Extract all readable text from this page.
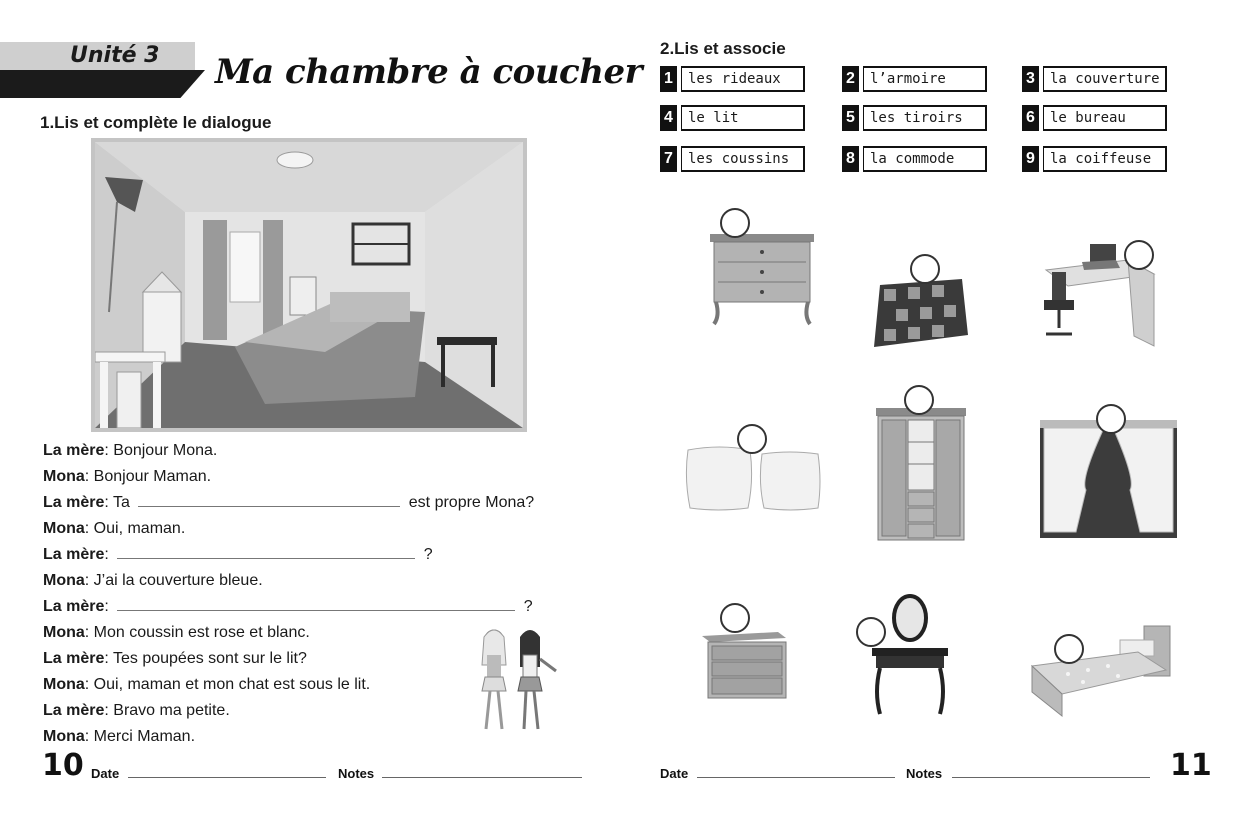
Unité 3 Ma chambre à coucher
1.Lis et complète le dialogue
La mère: Bonjour Mona.
Mona: Bonjour Maman.
La mère: Ta	est propre Mona?
Mona: Oui, maman.
La mère:	?
Mona: J’ai la couverture bleue.
La mère:	?
Mona: Mon coussin est rose et blanc.
La mère: Tes poupées sont sur le lit?
Mona: Oui, maman et mon chat est sous le lit.
La mère: Bravo ma petite.
Mona: Merci Maman.
10 Date	Notes
2.Lis et associe
1	les rideaux	2	l’armoire	3	la couverture
4	le lit	5	les tiroirs	6	le bureau
7	les coussins	8	la commode	9	la coiffeuse
Date	Notes	11
